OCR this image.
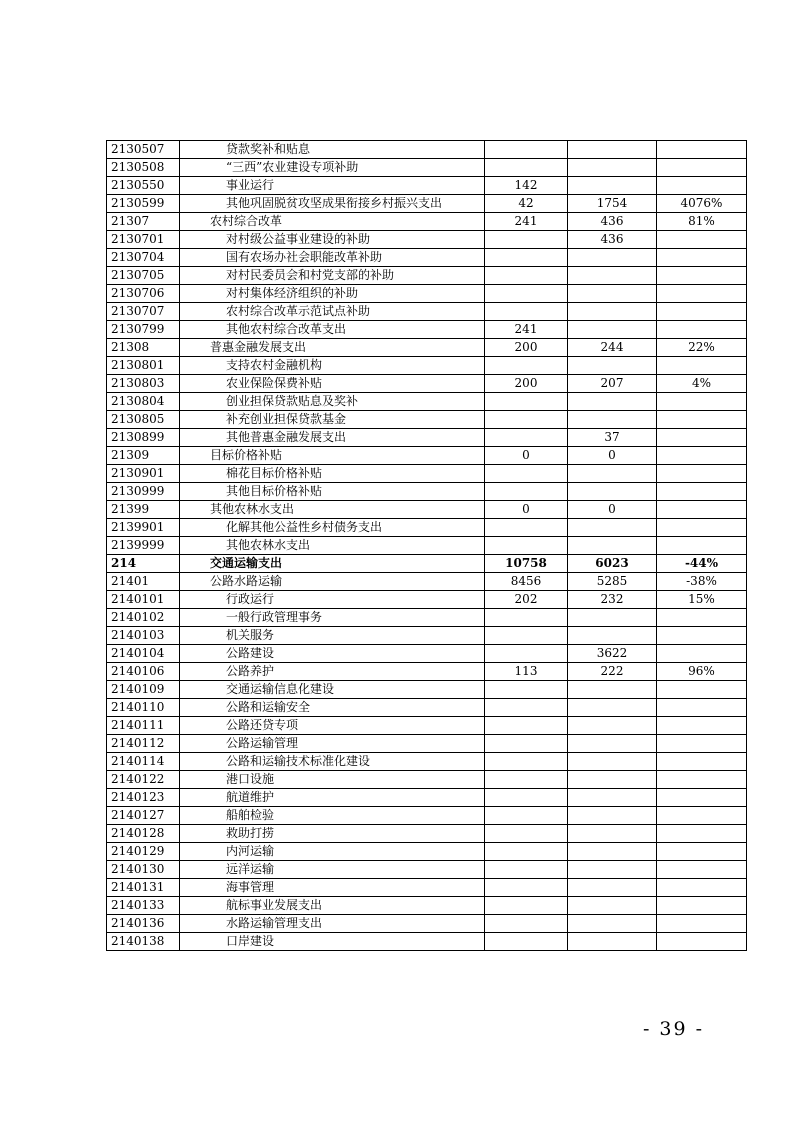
2130507	贷款奖补和贴息			
2130508	“三西”农业建设专项补助			
2130550	事业运行	142		
2130599	其他巩固脱贫攻坚成果衔接乡村振兴支出	42	1754	4076%
21307	农村综合改革	241	436	81%
2130701	对村级公益事业建设的补助		436	
2130704	国有农场办社会职能改革补助			
2130705	对村民委员会和村党支部的补助			
2130706	对村集体经济组织的补助			
2130707	农村综合改革示范试点补助			
2130799	其他农村综合改革支出	241		
21308	普惠金融发展支出	200	244	22%
2130801	支持农村金融机构			
2130803	农业保险保费补贴	200	207	4%
2130804	创业担保贷款贴息及奖补			
2130805	补充创业担保贷款基金			
2130899	其他普惠金融发展支出		37	
21309	目标价格补贴	0	0	
2130901	棉花目标价格补贴			
2130999	其他目标价格补贴			
21399	其他农林水支出	0	0	
2139901	化解其他公益性乡村债务支出			
2139999	其他农林水支出			
214	交通运输支出	10758	6023	-44%
21401	公路水路运输	8456	5285	-38%
2140101	行政运行	202	232	15%
2140102	一般行政管理事务			
2140103	机关服务			
2140104	公路建设		3622	
2140106	公路养护	113	222	96%
2140109	交通运输信息化建设			
2140110	公路和运输安全			
2140111	公路还贷专项			
2140112	公路运输管理			
2140114	公路和运输技术标准化建设			
2140122	港口设施			
2140123	航道维护			
2140127	船舶检验			
2140128	救助打捞			
2140129	内河运输			
2140130	远洋运输			
2140131	海事管理			
2140133	航标事业发展支出			
2140136	水路运输管理支出			
2140138	口岸建设			
- 39 -
